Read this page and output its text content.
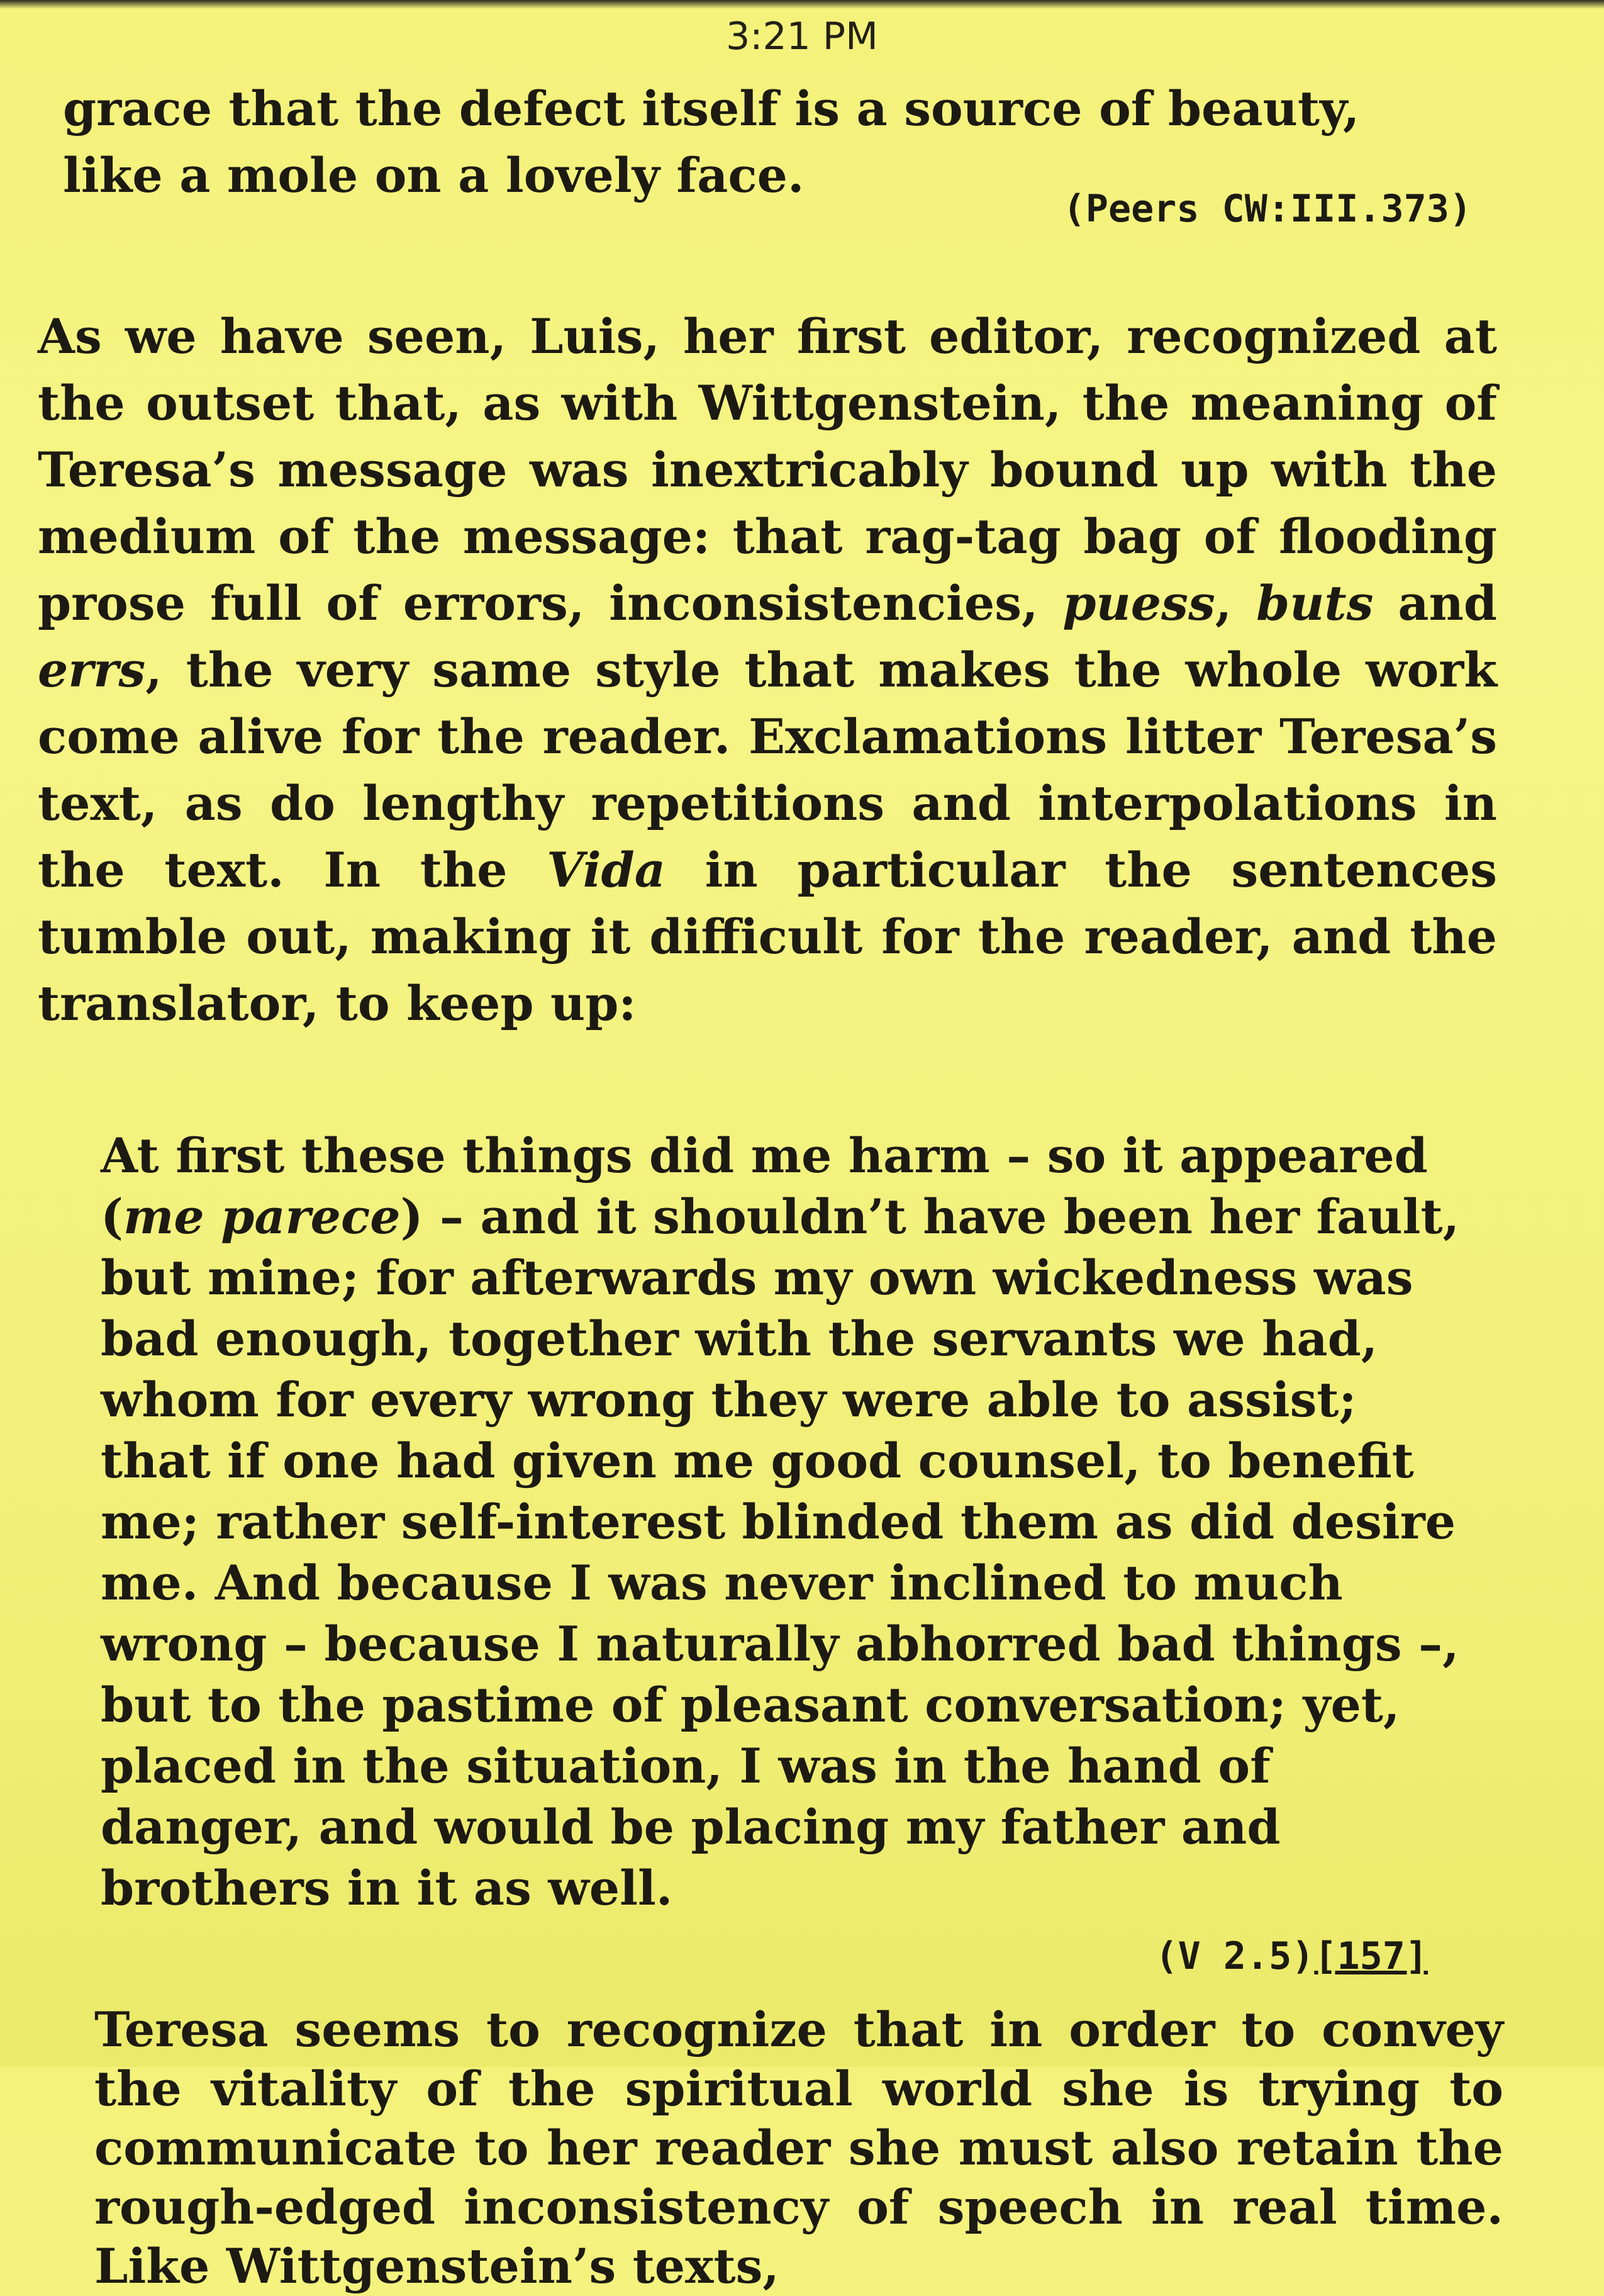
3:21 PM

grace that the defect itself is a source of beauty, like a mole on a lovely face.

(Peers CW:III.373)

As we have seen, Luis, her first editor, recognized at the outset that, as with Wittgenstein, the meaning of Teresa’s message was inextricably bound up with the medium of the message: that rag-tag bag of flooding prose full of errors, inconsistencies, puess, buts and errs, the very same style that makes the whole work come alive for the reader. Exclamations litter Teresa’s text, as do lengthy repetitions and interpolations in the text. In the Vida in particular the sentences tumble out, making it difficult for the reader, and the translator, to keep up:

At first these things did me harm – so it appeared (me parece) – and it shouldn’t have been her fault, but mine; for afterwards my own wickedness was bad enough, together with the servants we had, whom for every wrong they were able to assist; that if one had given me good counsel, to benefit me; rather self-interest blinded them as did desire me. And because I was never inclined to much wrong – because I naturally abhorred bad things –, but to the pastime of pleasant conversation; yet, placed in the situation, I was in the hand of danger, and would be placing my father and brothers in it as well.

(V 2.5)[157]

Teresa seems to recognize that in order to convey the vitality of the spiritual world she is trying to communicate to her reader she must also retain the rough-edged inconsistency of speech in real time. Like Wittgenstein’s texts,
